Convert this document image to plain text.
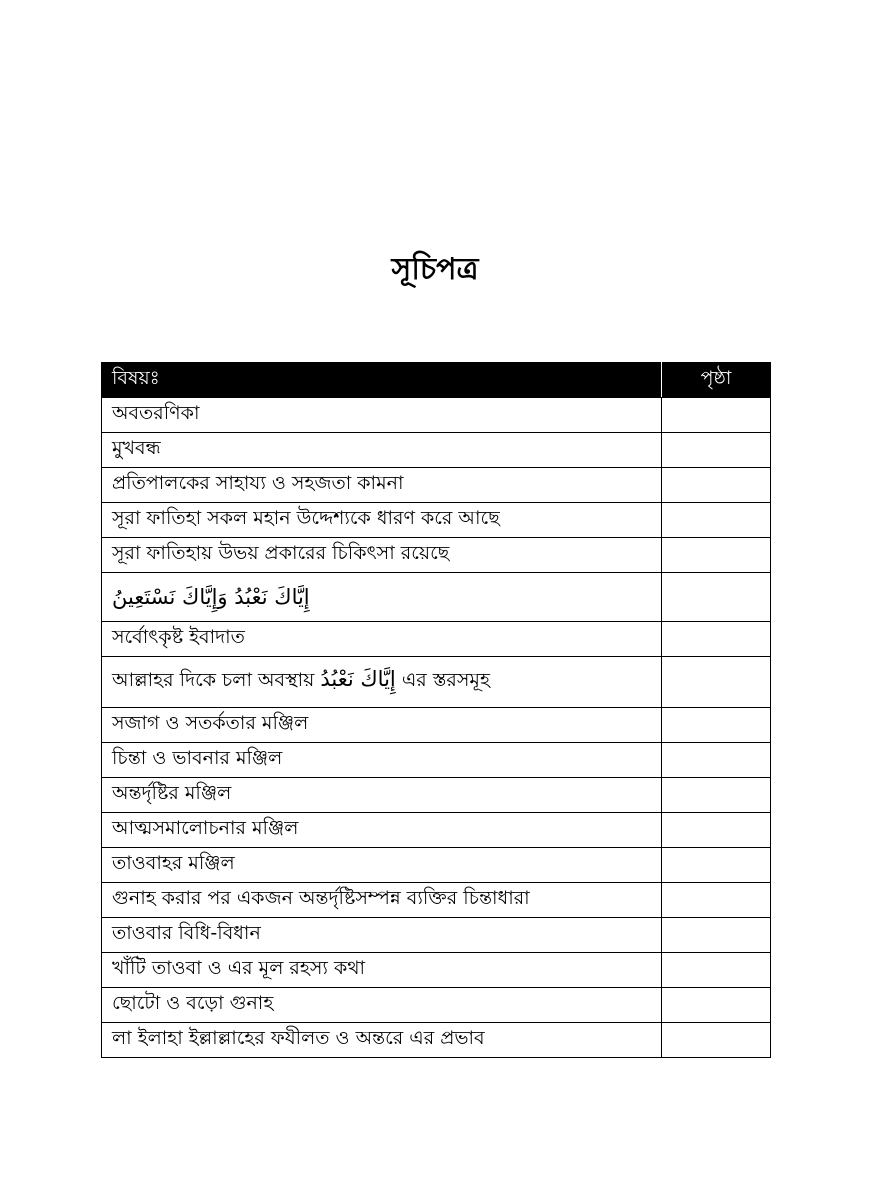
সূচিপত্র
বিষয়ঃ	পৃষ্ঠা
অবতরণিকা	
মুখবন্ধ	
প্রতিপালকের সাহায্য ও সহজতা কামনা	
সূরা ফাতিহা সকল মহান উদ্দেশ্যকে ধারণ করে আছে	
সূরা ফাতিহায় উভয় প্রকারের চিকিৎসা রয়েছে	
إِيَّاكَ نَعْبُدُ وَإِيَّاكَ نَسْتَعِينُ	
সর্বোৎকৃষ্ট ইবাদাত	
আল্লাহর দিকে চলা অবস্থায় إِيَّاكَ نَعْبُدُ এর স্তরসমূহ	
সজাগ ও সতর্কতার মঞ্জিল	
চিন্তা ও ভাবনার মঞ্জিল	
অন্তর্দৃষ্টির মঞ্জিল	
আত্মসমালোচনার মঞ্জিল	
তাওবাহর মঞ্জিল	
গুনাহ করার পর একজন অন্তর্দৃষ্টিসম্পন্ন ব্যক্তির চিন্তাধারা	
তাওবার বিধি-বিধান	
খাঁটি তাওবা ও এর মূল রহস্য কথা	
ছোটো ও বড়ো গুনাহ	
লা ইলাহা ইল্লাল্লাহের ফযীলত ও অন্তরে এর প্রভাব	
